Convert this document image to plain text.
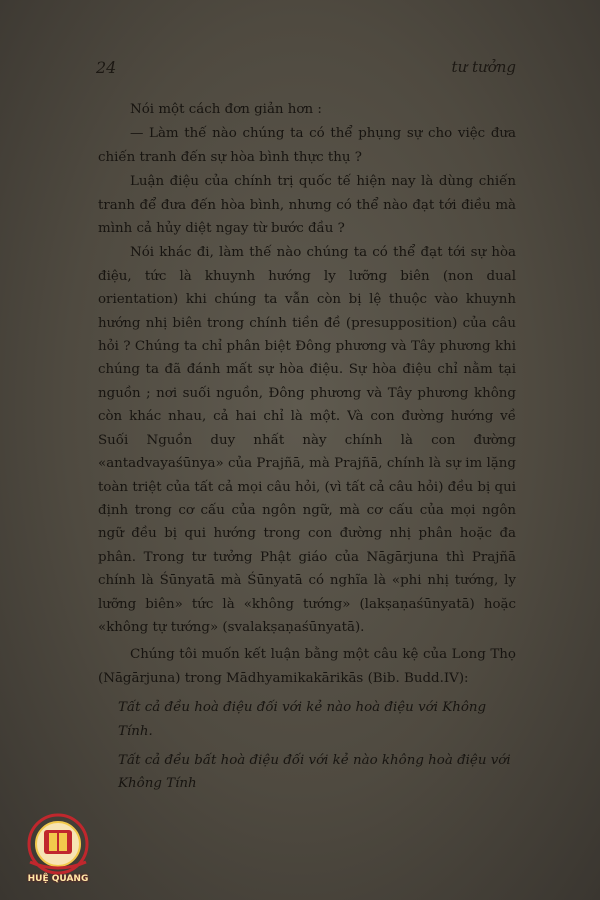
24	tư tưởng

Nói một cách đơn giản hơn :

— Làm thế nào chúng ta có thể phụng sự cho việc đưa chiến tranh đến sự hòa bình thực thụ ?

Luận điệu của chính trị quốc tế hiện nay là dùng chiến tranh để đưa đến hòa bình, nhưng có thể nào đạt tới điều mà mình cả hủy diệt ngay từ bước đầu ?

Nói khác đi, làm thế nào chúng ta có thể đạt tới sự hòa điệu, tức là khuynh hướng ly lưỡng biên (non dual orientation) khi chúng ta vẫn còn bị lệ thuộc vào khuynh hướng nhị biên trong chính tiền đề (presupposition) của câu hỏi ? Chúng ta chỉ phân biệt Đông phương và Tây phương khi chúng ta đã đánh mất sự hòa điệu. Sự hòa điệu chỉ nằm tại nguồn ; nơi suối nguồn, Đông phương và Tây phương không còn khác nhau, cả hai chỉ là một. Và con đường hướng về Suối Nguồn duy nhất này chính là con đường «antadvayaśūnya» của Prajñā, mà Prajñā, chính là sự im lặng toàn triệt của tất cả mọi câu hỏi, (vì tất cả câu hỏi) đều bị qui định trong cơ cấu của ngôn ngữ, mà cơ cấu của mọi ngôn ngữ đều bị qui hướng trong con đường nhị phân hoặc đa phân. Trong tư tưởng Phật giáo của Nāgārjuna thì Prajñā chính là Śūnyatā mà Śūnyatā có nghĩa là «phi nhị tướng, ly lưỡng biên» tức là «không tướng» (lakṣaṇaśūnyatā) hoặc «không tự tướng» (svalakṣaṇaśūnyatā).

Chúng tôi muốn kết luận bằng một câu kệ của Long Thọ (Nāgārjuna) trong Mādhyamikakārikās (Bib. Budd.IV):

Tất cả đều hoà điệu đối với kẻ nào hoà điệu với Không Tính.

Tất cả đều bất hoà điệu đối với kẻ nào không hoà điệu với Không Tính

HUỆ QUANG
